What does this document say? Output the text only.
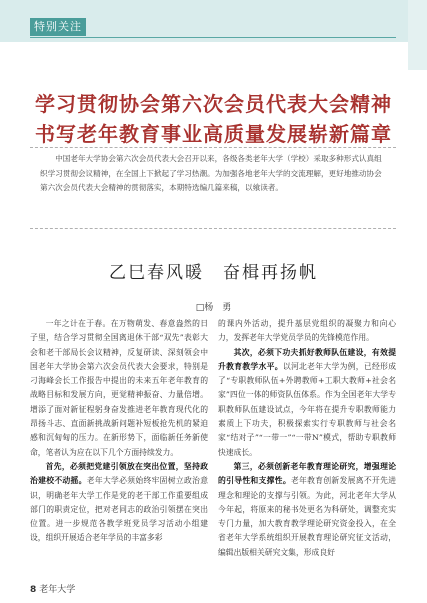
特别关注
学习贯彻协会第六次会员代表大会精神
书写老年教育事业高质量发展崭新篇章
中国老年大学协会第六次会员代表大会召开以来，各级各类老年大学（学校）采取多种形式认真组织学习贯彻会议精神，在全国上下掀起了学习热潮。为加强各地老年大学的交流理解，更好地推动协会第六次会员代表大会精神的贯彻落实，本期特选编几篇来稿，以飨读者。
乙巳春风暖　奋楫再扬帆
□杨　勇

一年之计在于春。在万物萌发、春意盎然的日子里，结合学习贯彻全国离退休干部“双先”表彰大会和老干部局长会议精神，反复研读、深刻领会中国老年大学协会第六次会员代表大会要求，特别是刁海峰会长工作报告中提出的未来五年老年教育的战略目标和发展方向，更觉精神振奋、力量倍增。增添了面对新征程躬身奋发推进老年教育现代化的昂扬斗志、直面新挑战新问题补短板抢先机的紧迫感和沉甸甸的压力。在新形势下，面临新任务新使命，笔者认为应在以下几个方面持续发力。

首先，必须把党建引领放在突出位置，坚持政治建校不动摇。老年大学必须始终牢固树立政治意识，明确老年大学工作是党的老干部工作重要组成部门的职责定位，把对老同志的政治引领摆在突出位置。进一步规范各教学班党员学习活动小组建设，组织开展适合老年学员的丰富多彩

的课内外活动，提升基层党组织的凝聚力和向心力，发挥老年大学党员学员的先锋模范作用。

其次，必须下功夫抓好教师队伍建设，有效提升教育教学水平。以河北老年大学为例，已经形成了“专职教师队伍+外聘教师+工职大教师+社会名家”四位一体的师资队伍体系。作为全国老年大学专职教师队伍建设试点，今年将在提升专职教师能力素质上下功夫，积极探索实行专职教师与社会名家“结对子”“一带一”“一带N”模式，帮助专职教师快速成长。

第三，必须创新老年教育理论研究，增强理论的引导性和支撑性。老年教育创新发展离不开先进理念和理论的支撑与引领。为此，河北老年大学从今年起，将原来的秘书处更名为科研处，调整充实专门力量，加大教育教学理论研究资金投入，在全省老年大学系统组织开展教育理论研究征文活动，编辑出版相关研究文集，形成良好

8 老年大学
